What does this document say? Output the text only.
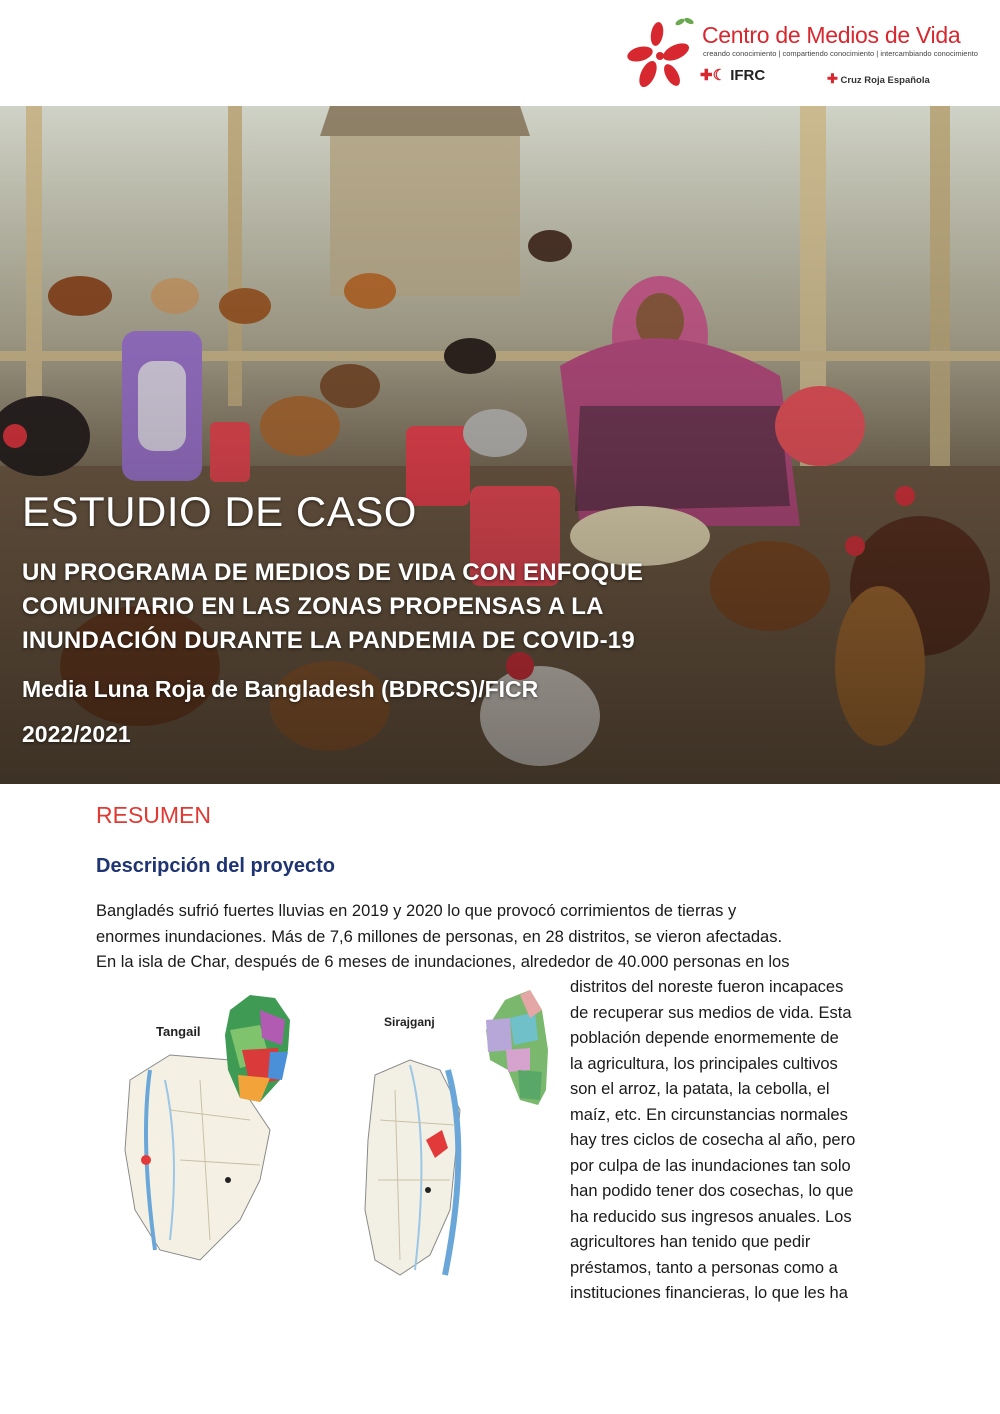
Centro de Medios de Vida
creando conocimiento | compartiendo conocimiento | intercambiando conocimiento
✚☾ IFRC	✚ Cruz Roja Española
ESTUDIO DE CASO
UN PROGRAMA DE MEDIOS DE VIDA CON ENFOQUE
COMUNITARIO EN LAS ZONAS PROPENSAS A LA
INUNDACIÓN DURANTE LA PANDEMIA DE COVID-19
Media Luna Roja de Bangladesh (BDRCS)/FICR
2022/2021
RESUMEN
Descripción del proyecto
Bangladés sufrió fuertes lluvias en 2019 y 2020 lo que provocó corrimientos de tierras y
enormes inundaciones. Más de 7,6 millones de personas, en 28 distritos, se vieron afectadas.
En la isla de Char, después de 6 meses de inundaciones, alrededor de 40.000 personas en los
distritos del noreste fueron incapaces
de recuperar sus medios de vida. Esta
población depende enormemente de
la agricultura, los principales cultivos
son el arroz, la patata, la cebolla, el
maíz, etc. En circunstancias normales
hay tres ciclos de cosecha al año, pero
por culpa de las inundaciones tan solo
han podido tener dos cosechas, lo que
ha reducido sus ingresos anuales. Los
agricultores han tenido que pedir
préstamos, tanto a personas como a
instituciones financieras, lo que les ha
Tangail
Sirajganj
